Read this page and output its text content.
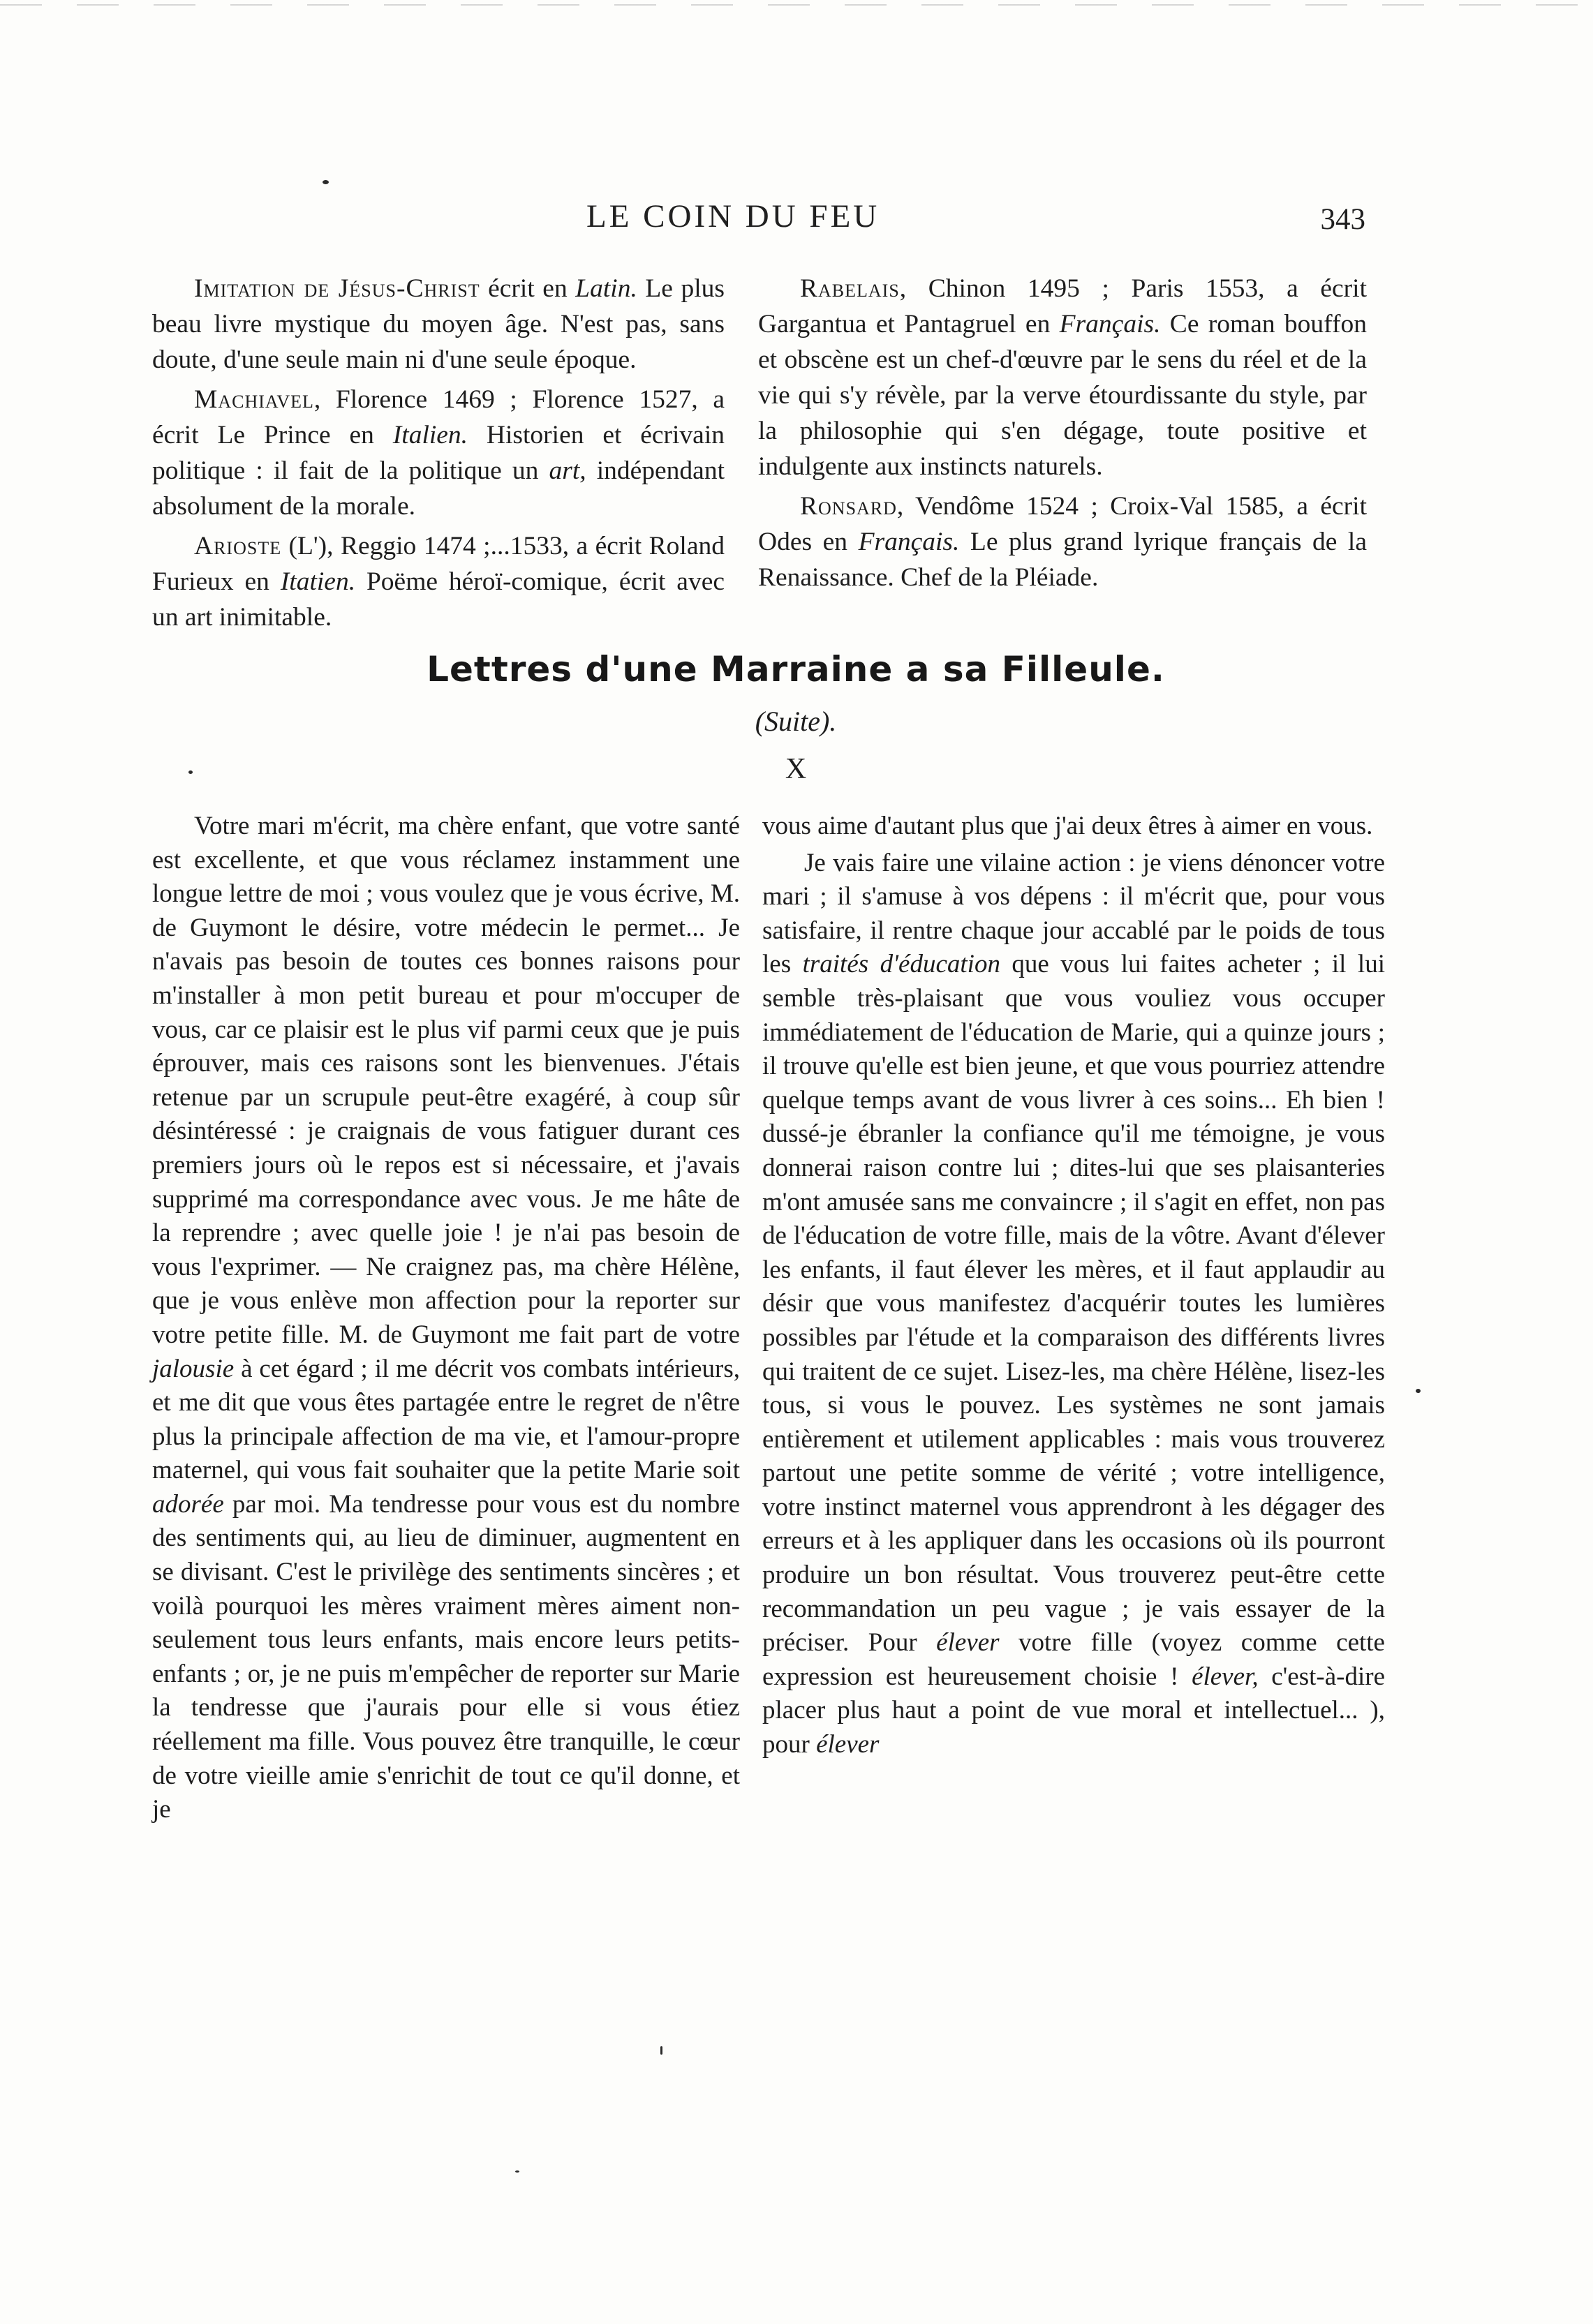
LE COIN DU FEU	343

Imitation de Jésus-Christ écrit en Latin. Le plus beau livre mystique du moyen âge. N'est pas, sans doute, d'une seule main ni d'une seule époque.

Machiavel, Florence 1469 ; Florence 1527, a écrit Le Prince en Italien. Historien et écrivain politique : il fait de la politique un art, indépendant absolument de la morale.

Arioste (L'), Reggio 1474 ;...1533, a écrit Roland Furieux en Itatien. Poëme héroï-comique, écrit avec un art inimitable.

Rabelais, Chinon 1495 ; Paris 1553, a écrit Gargantua et Pantagruel en Français. Ce roman bouffon et obscène est un chef-d'œuvre par le sens du réel et de la vie qui s'y révèle, par la verve étourdissante du style, par la philosophie qui s'en dégage, toute positive et indulgente aux instincts naturels.

Ronsard, Vendôme 1524 ; Croix-Val 1585, a écrit Odes en Français. Le plus grand lyrique français de la Renaissance. Chef de la Pléiade.

Lettres d'une Marraine a sa Filleule.
(Suite).
X

Votre mari m'écrit, ma chère enfant, que votre santé est excellente, et que vous réclamez instamment une longue lettre de moi ; vous voulez que je vous écrive, M. de Guymont le désire, votre médecin le permet... Je n'avais pas besoin de toutes ces bonnes raisons pour m'installer à mon petit bureau et pour m'occuper de vous, car ce plaisir est le plus vif parmi ceux que je puis éprouver, mais ces raisons sont les bienvenues. J'étais retenue par un scrupule peut-être exagéré, à coup sûr désintéressé : je craignais de vous fatiguer durant ces premiers jours où le repos est si nécessaire, et j'avais supprimé ma correspondance avec vous. Je me hâte de la reprendre ; avec quelle joie ! je n'ai pas besoin de vous l'exprimer. — Ne craignez pas, ma chère Hélène, que je vous enlève mon affection pour la reporter sur votre petite fille. M. de Guymont me fait part de votre jalousie à cet égard ; il me décrit vos combats intérieurs, et me dit que vous êtes partagée entre le regret de n'être plus la principale affection de ma vie, et l'amour-propre maternel, qui vous fait souhaiter que la petite Marie soit adorée par moi. Ma tendresse pour vous est du nombre des sentiments qui, au lieu de diminuer, augmentent en se divisant. C'est le privilège des sentiments sincères ; et voilà pourquoi les mères vraiment mères aiment non-seulement tous leurs enfants, mais encore leurs petits-enfants ; or, je ne puis m'empêcher de reporter sur Marie la tendresse que j'aurais pour elle si vous étiez réellement ma fille. Vous pouvez être tranquille, le cœur de votre vieille amie s'enrichit de tout ce qu'il donne, et je

vous aime d'autant plus que j'ai deux êtres à aimer en vous.

Je vais faire une vilaine action : je viens dénoncer votre mari ; il s'amuse à vos dépens : il m'écrit que, pour vous satisfaire, il rentre chaque jour accablé par le poids de tous les traités d'éducation que vous lui faites acheter ; il lui semble très-plaisant que vous vouliez vous occuper immédiatement de l'éducation de Marie, qui a quinze jours ; il trouve qu'elle est bien jeune, et que vous pourriez attendre quelque temps avant de vous livrer à ces soins... Eh bien ! dussé-je ébranler la confiance qu'il me témoigne, je vous donnerai raison contre lui ; dites-lui que ses plaisanteries m'ont amusée sans me convaincre ; il s'agit en effet, non pas de l'éducation de votre fille, mais de la vôtre. Avant d'élever les enfants, il faut élever les mères, et il faut applaudir au désir que vous manifestez d'acquérir toutes les lumières possibles par l'étude et la comparaison des différents livres qui traitent de ce sujet. Lisez-les, ma chère Hélène, lisez-les tous, si vous le pouvez. Les systèmes ne sont jamais entièrement et utilement applicables : mais vous trouverez partout une petite somme de vérité ; votre intelligence, votre instinct maternel vous apprendront à les dégager des erreurs et à les appliquer dans les occasions où ils pourront produire un bon résultat. Vous trouverez peut-être cette recommandation un peu vague ; je vais essayer de la préciser. Pour élever votre fille (voyez comme cette expression est heureusement choisie ! élever, c'est-à-dire placer plus haut a point de vue moral et intellectuel... ), pour élever
